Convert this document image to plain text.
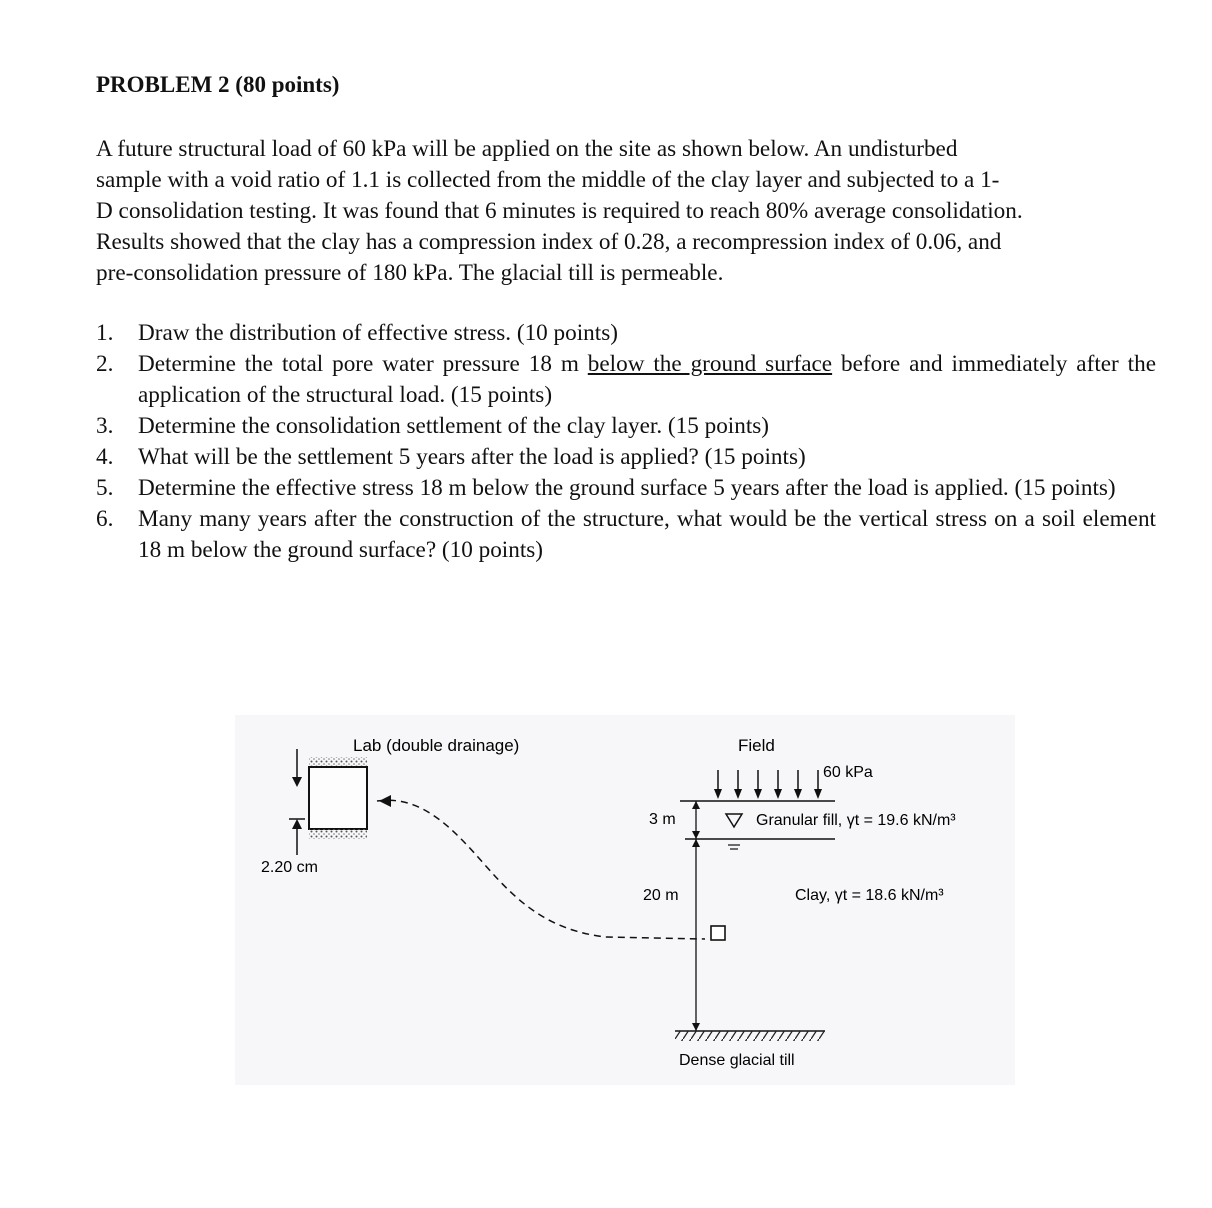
PROBLEM 2 (80 points)
A future structural load of 60 kPa will be applied on the site as shown below. An undisturbed
sample with a void ratio of 1.1 is collected from the middle of the clay layer and subjected to a 1-
D consolidation testing. It was found that 6 minutes is required to reach 80% average consolidation.
Results showed that the clay has a compression index of 0.28, a recompression index of 0.06, and
pre-consolidation pressure of 180 kPa. The glacial till is permeable.
1.	Draw the distribution of effective stress. (10 points)
2.	Determine the total pore water pressure 18 m below the ground surface before and immediately after the application of the structural load. (15 points)
3.	Determine the consolidation settlement of the clay layer. (15 points)
4.	What will be the settlement 5 years after the load is applied? (15 points)
5.	Determine the effective stress 18 m below the ground surface 5 years after the load is applied. (15 points)
6.	Many many years after the construction of the structure, what would be the vertical stress on a soil element 18 m below the ground surface? (10 points)
Lab (double drainage)
2.20 cm
Field
60 kPa
3 m	Granular fill, γt = 19.6 kN/m³
20 m	Clay, γt = 18.6 kN/m³
Dense glacial till
